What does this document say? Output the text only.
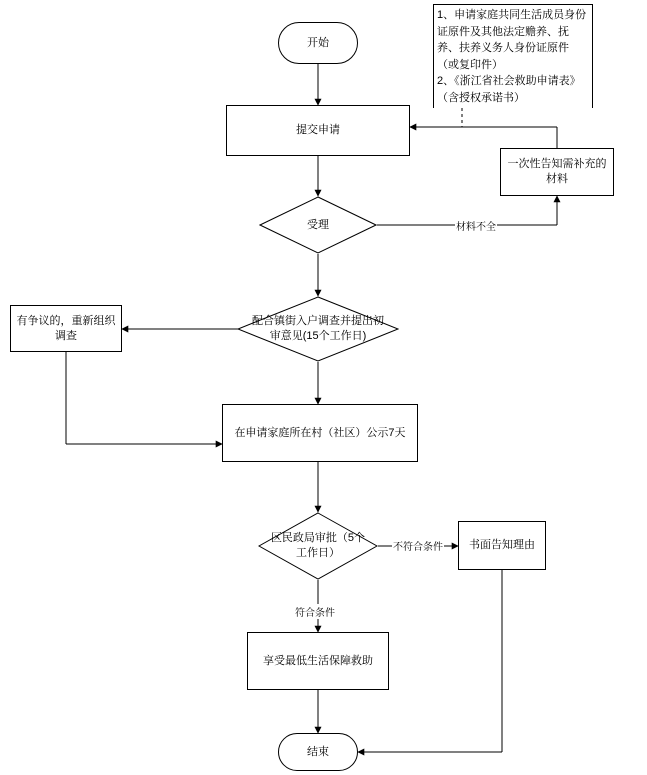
1、申请家庭共同生活成员身份证原件及其他法定赡养、抚养、扶养义务人身份证原件（或复印件）
2、《浙江省社会救助申请表》（含授权承诺书）
开始
提交申请
一次性告知需补充的材料
受理	材料不全
有争议的，重新组织调查
配合镇街入户调查并提出初审意见(15个工作日)
在申请家庭所在村（社区）公示7天
区民政局审批（5个工作日）	不符合条件
符合条件
书面告知理由
享受最低生活保障救助
结束
